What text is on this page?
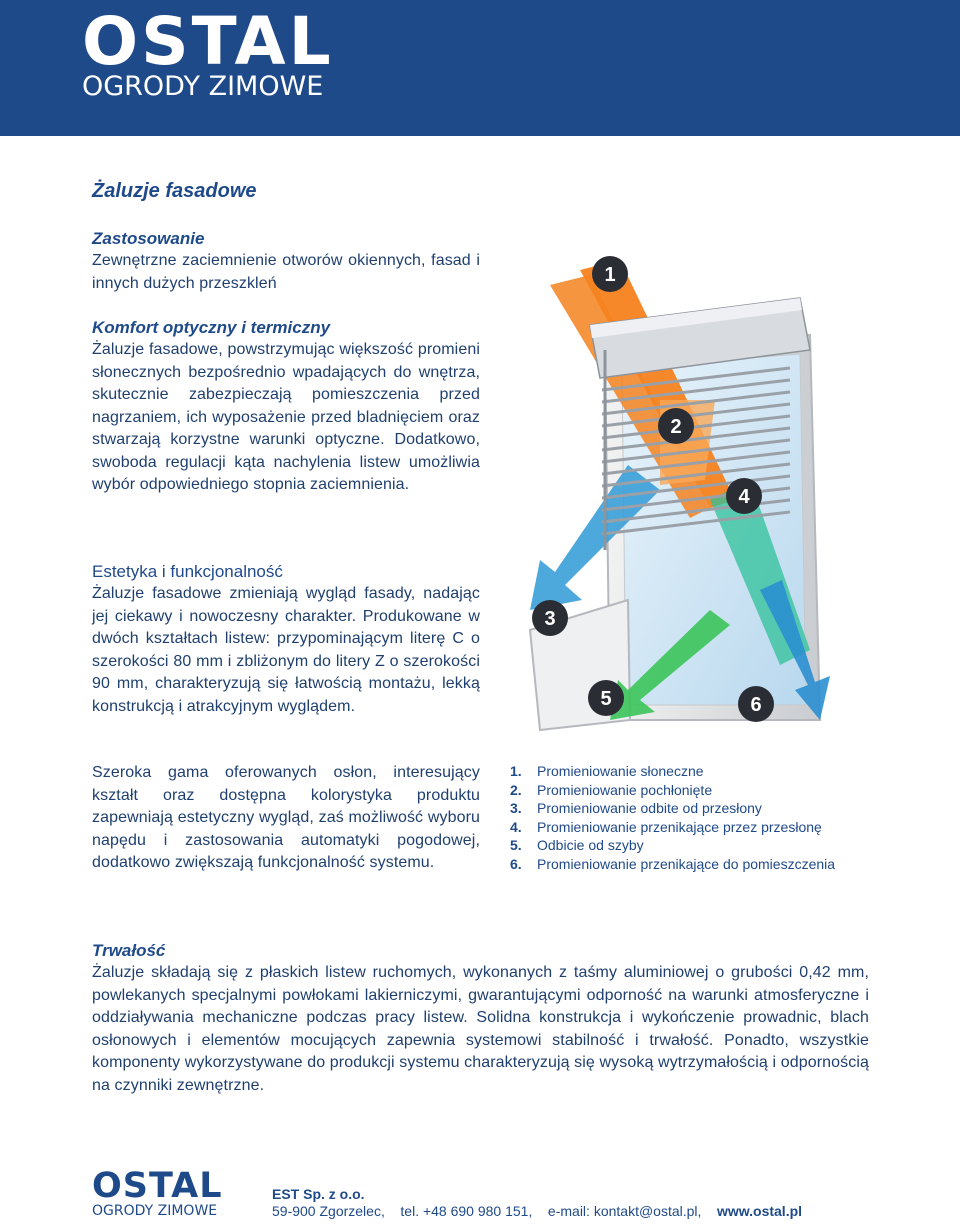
OSTAL
OGRODY ZIMOWE
Żaluzje fasadowe

Zastosowanie

Zewnętrzne zaciemnienie otworów okiennych, fasad i innych dużych przeszkleń

Komfort optyczny i termiczny

Żaluzje fasadowe, powstrzymując większość promieni słonecznych bezpośrednio wpadających do wnętrza, skutecznie zabezpieczają pomieszczenia przed nagrzaniem, ich wyposażenie przed bladnięciem oraz stwarzają korzystne warunki optyczne. Dodatkowo, swoboda regulacji kąta nachylenia listew umożliwia wybór odpowiedniego stopnia zaciemnienia.

Estetyka i funkcjonalność

Żaluzje fasadowe zmieniają wygląd fasady, nadając jej ciekawy i nowoczesny charakter. Produkowane w dwóch kształtach listew: przypominającym literę C o szerokości 80 mm i zbliżonym do litery Z o szerokości 90 mm, charakteryzują się łatwością montażu, lekką konstrukcją i atrakcyjnym wyglądem.

Szeroka gama oferowanych osłon, interesujący kształt oraz dostępna kolorystyka produktu zapewniają estetyczny wygląd, zaś możliwość wyboru napędu i zastosowania automatyki pogodowej, dodatkowo zwiększają funkcjonalność systemu.

Trwałość

Żaluzje składają się z płaskich listew ruchomych, wykonanych z taśmy aluminiowej o grubości 0,42 mm, powlekanych specjalnymi powłokami lakierniczymi, gwarantującymi odporność na warunki atmosferyczne i oddziaływania mechaniczne podczas pracy listew. Solidna konstrukcja i wykończenie prowadnic, blach osłonowych i elementów mocujących zapewnia systemowi stabilność i trwałość. Ponadto, wszystkie komponenty wykorzystywane do produkcji systemu charakteryzują się wysoką wytrzymałością i odpornością na czynniki zewnętrzne.

1
2
3
4
5	6
1.	Promieniowanie słoneczne
2.	Promieniowanie pochłonięte
3.	Promieniowanie odbite od przesłony
4.	Promieniowanie przenikające przez przesłonę
5.	Odbicie od szyby
6.	Promieniowanie przenikające do pomieszczenia
OSTAL
OGRODY ZIMOWE
EST Sp. z o.o.
59-900 Zgorzelec, tel. +48 690 980 151, e-mail: kontakt@ostal.pl, www.ostal.pl
